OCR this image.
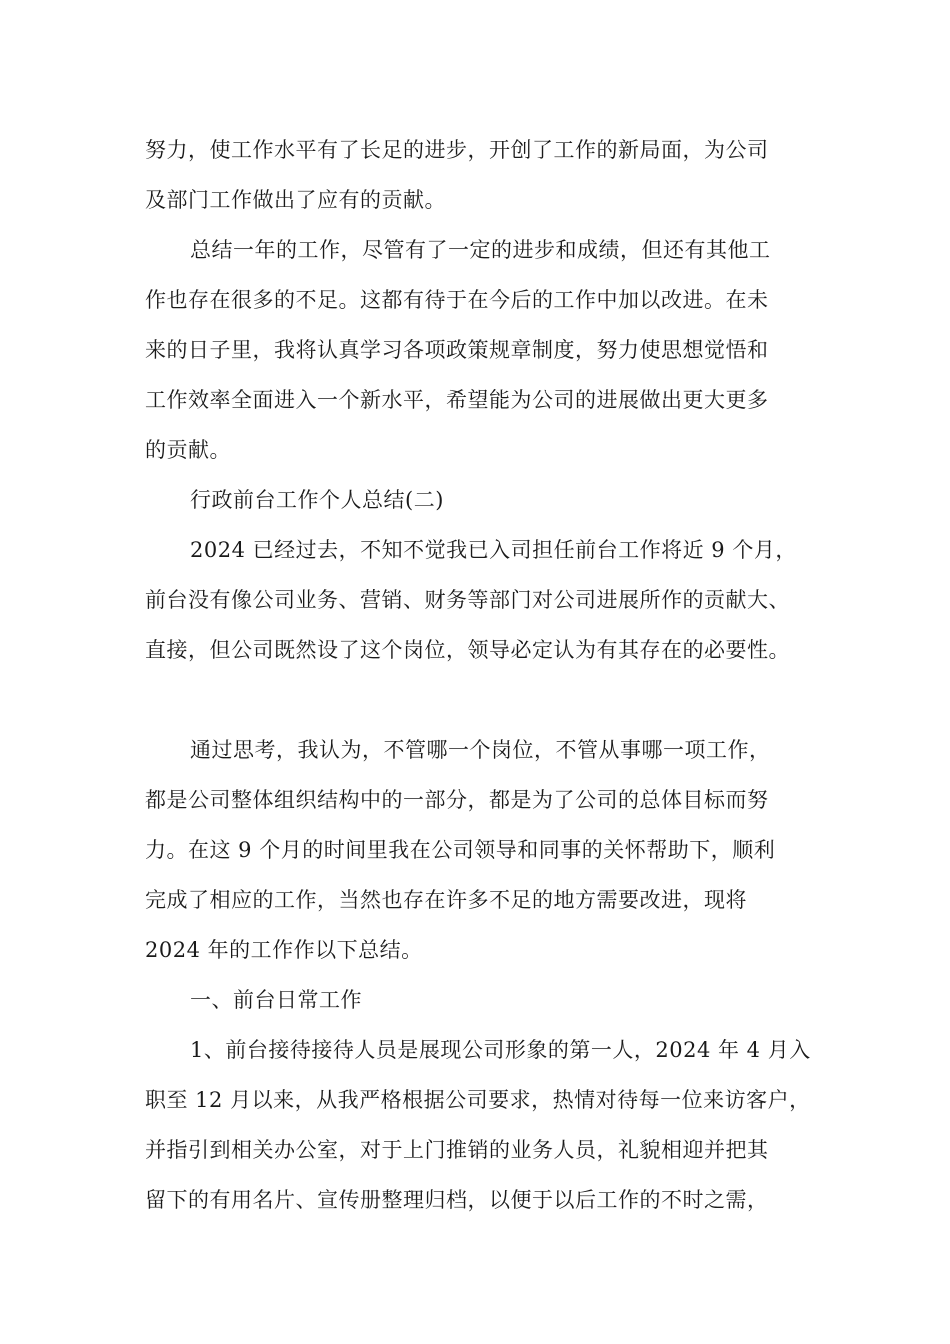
努力，使工作水平有了长足的进步，开创了工作的新局面，为公司
及部门工作做出了应有的贡献。
总结一年的工作，尽管有了一定的进步和成绩，但还有其他工
作也存在很多的不足。这都有待于在今后的工作中加以改进。在未
来的日子里，我将认真学习各项政策规章制度，努力使思想觉悟和
工作效率全面进入一个新水平，希望能为公司的进展做出更大更多
的贡献。
行政前台工作个人总结(二)
2024 已经过去，不知不觉我已入司担任前台工作将近 9 个月，
前台没有像公司业务、营销、财务等部门对公司进展所作的贡献大、
直接，但公司既然设了这个岗位，领导必定认为有其存在的必要性。
通过思考，我认为，不管哪一个岗位，不管从事哪一项工作，
都是公司整体组织结构中的一部分，都是为了公司的总体目标而努
力。在这 9 个月的时间里我在公司领导和同事的关怀帮助下，顺利
完成了相应的工作，当然也存在许多不足的地方需要改进，现将
2024 年的工作作以下总结。
一、前台日常工作
1、前台接待接待人员是展现公司形象的第一人，2024 年 4 月入
职至 12 月以来，从我严格根据公司要求，热情对待每一位来访客户，
并指引到相关办公室，对于上门推销的业务人员，礼貌相迎并把其
留下的有用名片、宣传册整理归档，以便于以后工作的不时之需，
